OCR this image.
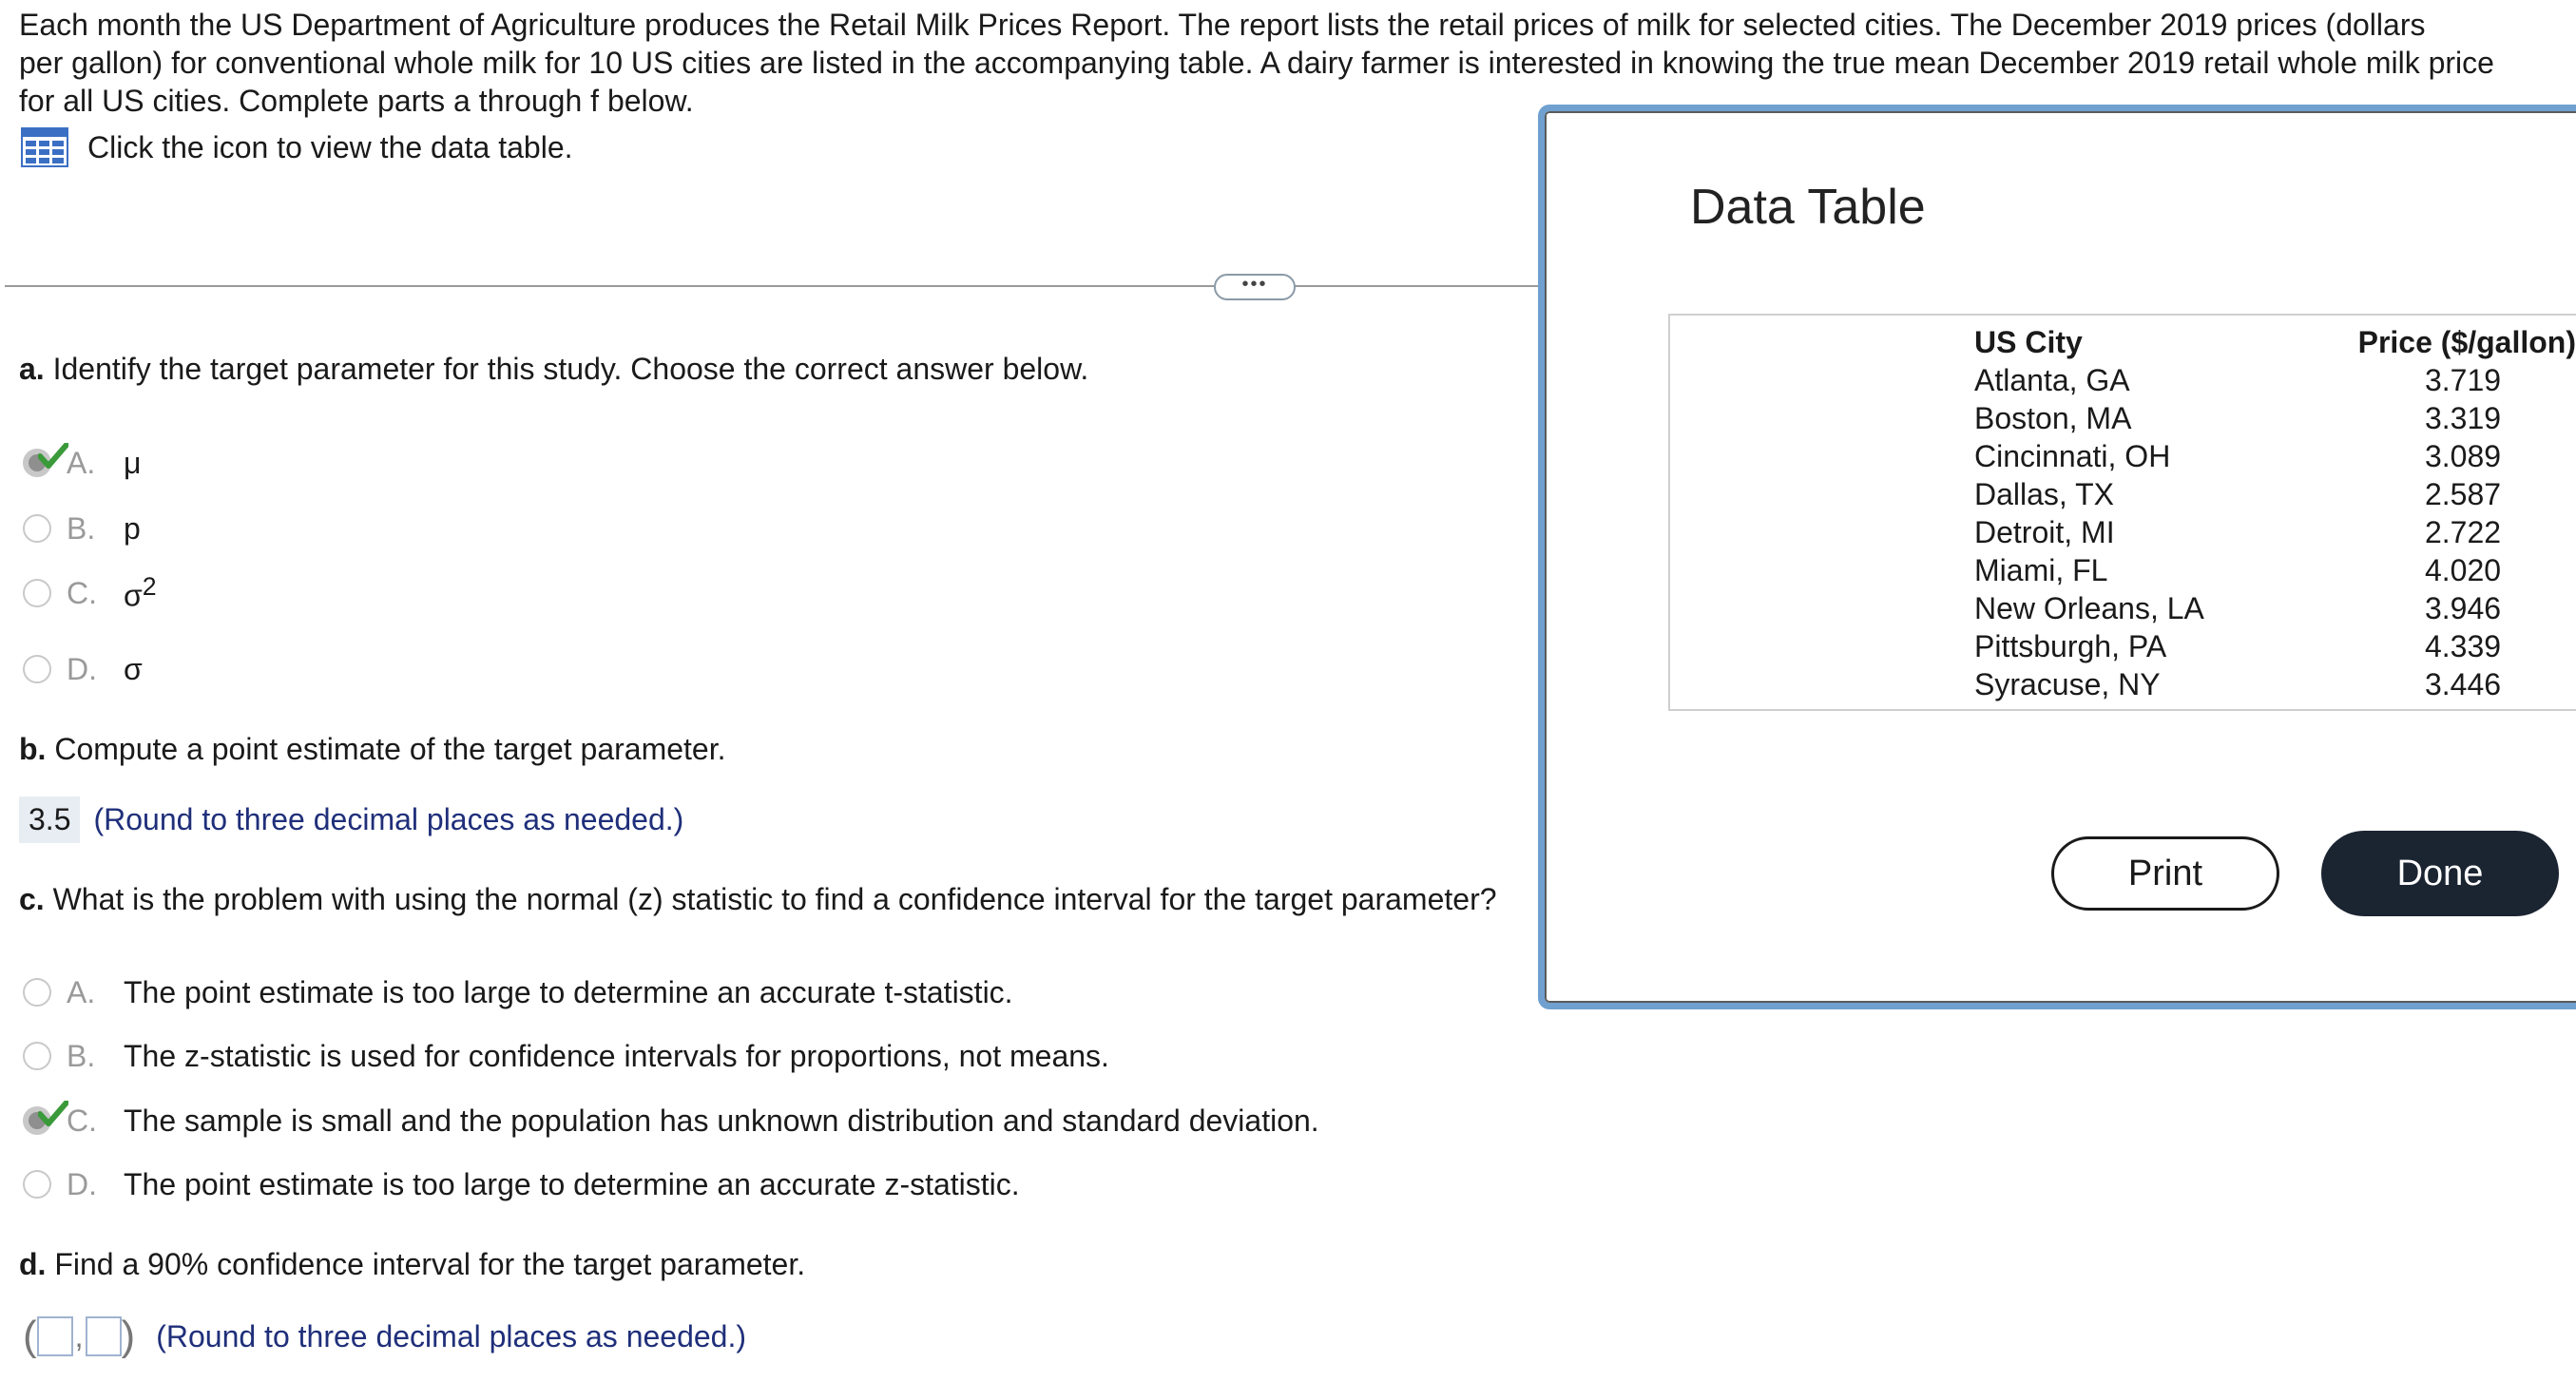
Each month the US Department of Agriculture produces the Retail Milk Prices Report. The report lists the retail prices of milk for selected cities. The December 2019 prices (dollars
per gallon) for conventional whole milk for 10 US cities are listed in the accompanying table. A dairy farmer is interested in knowing the true mean December 2019 retail whole milk price
for all US cities. Complete parts a through f below.

Click the icon to view the data table.
•••

a. Identify the target parameter for this study. Choose the correct answer below.

A. μ
B. p
C. $\sigma^2$
D. σ

b. Compute a point estimate of the target parameter.

3.5 (Round to three decimal places as needed.)

c. What is the problem with using the normal (z) statistic to find a confidence interval for the target parameter?

A. The point estimate is too large to determine an accurate t-statistic.
B. The z-statistic is used for confidence intervals for proportions, not means.
C. The sample is small and the population has unknown distribution and standard deviation.
D. The point estimate is too large to determine an accurate z-statistic.

d. Find a 90% confidence interval for the target parameter.

( , ) (Round to three decimal places as needed.)
Data Table
US City	Price ($/gallon)
Atlanta, GA	3.719
Boston, MA	3.319
Cincinnati, OH	3.089
Dallas, TX	2.587
Detroit, MI	2.722
Miami, FL	4.020
New Orleans, LA	3.946
Pittsburgh, PA	4.339
Syracuse, NY	3.446
Print	Done
